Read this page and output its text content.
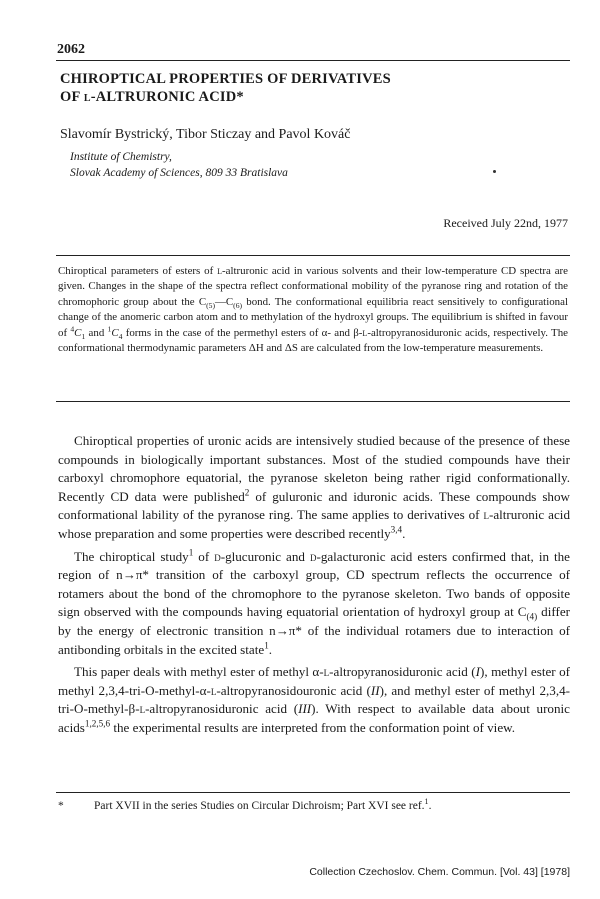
2062
CHIROPTICAL PROPERTIES OF DERIVATIVES
OF l-ALTRURONIC ACID*
Slavomír Bystrický, Tibor Sticzay and Pavol Kováč
Institute of Chemistry,
Slovak Academy of Sciences, 809 33 Bratislava
Received July 22nd, 1977
Chiroptical parameters of esters of l-altruronic acid in various solvents and their low-temperature CD spectra are given. Changes in the shape of the spectra reflect conformational mobility of the pyranose ring and rotation of the chromophoric group about the $C_{(5)}—C_{(6)}$ bond. The conformational equilibria react sensitively to configurational change of the anomeric carbon atom and to methylation of the hydroxyl groups. The equilibrium is shifted in favour of $^4C_1$ and $^1C_4$ forms in the case of the permethyl esters of α- and β-l-altropyranosiduronic acids, respectively. The conformational thermodynamic parameters ΔH and ΔS are calculated from the low-temperature measurements.

Chiroptical properties of uronic acids are intensively studied because of the presence of these compounds in biologically important substances. Most of the studied compounds have their carboxyl chromophore equatorial, the pyranose skeleton being rather rigid conformationally. Recently CD data were published$^2$ of guluronic and iduronic acids. These compounds show conformational lability of the pyranose ring. The same applies to derivatives of l-altruronic acid whose preparation and some properties were described recently$^{3,4}$.

The chiroptical study$^1$ of d-glucuronic and d-galacturonic acid esters confirmed that, in the region of n→π* transition of the carboxyl group, CD spectrum reflects the occurrence of rotamers about the bond of the chromophore to the pyranose skeleton. Two bands of opposite sign observed with the compounds having equatorial orientation of hydroxyl group at $C_{(4)}$ differ by the energy of electronic transition n→π* of the individual rotamers due to interaction of antibonding orbitals in the excited state$^1$.

This paper deals with methyl ester of methyl α-l-altropyranosiduronic acid (I), methyl ester of methyl 2,3,4-tri-O-methyl-α-l-altropyranosidouronic acid (II), and methyl ester of methyl 2,3,4-tri-O-methyl-β-l-altropyranosiduronic acid (III). With respect to available data about uronic acids$^{1,2,5,6}$ the experimental results are interpreted from the conformation point of view.

*	Part XVII in the series Studies on Circular Dichroism; Part XVI see ref.$^1$.
Collection Czechoslov. Chem. Commun. [Vol. 43] [1978]
